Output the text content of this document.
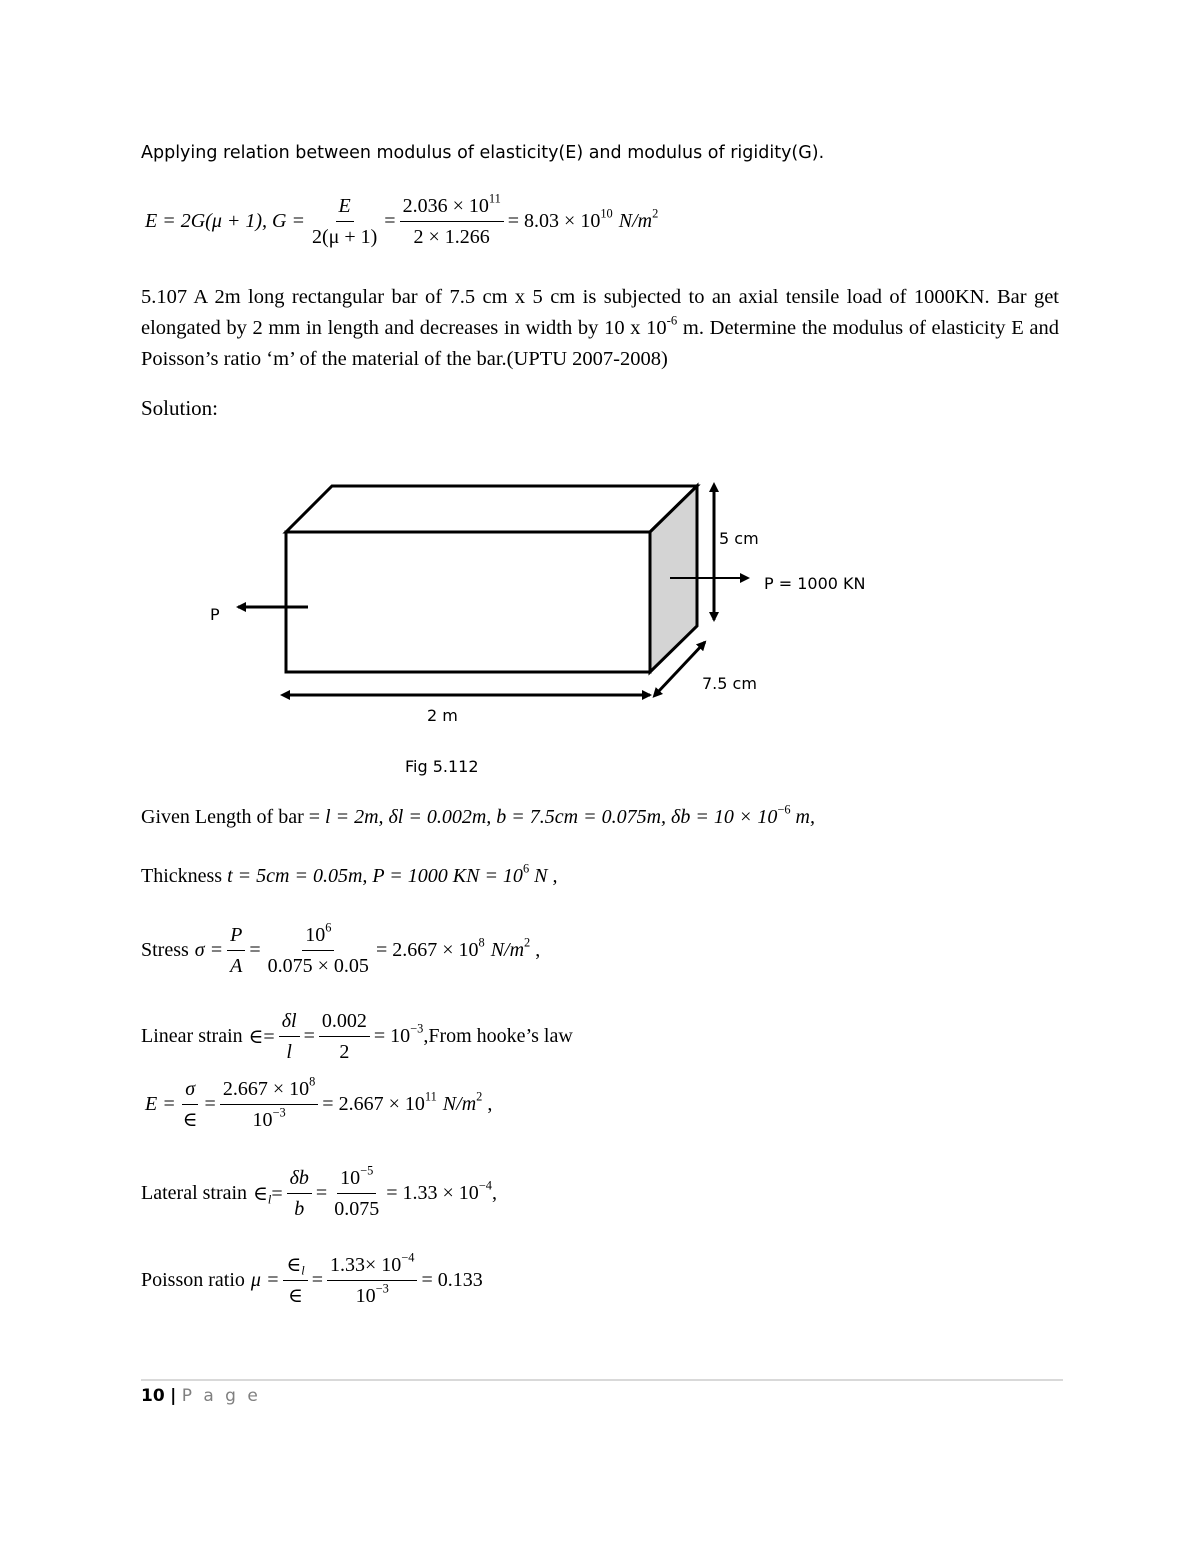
Applying relation between modulus of elasticity(E) and modulus of rigidity(G).
E = 2G(μ + 1), $G = \frac{E}{2(\mu + 1)} = \frac{2.036 \times 10^{11}}{2 \times 1.266} = 8.03 \times 10^{10}$ $N/m^2$
5.107 A 2m long rectangular bar of 7.5 cm x 5 cm is subjected to an axial tensile load of 1000KN. Bar get elongated by 2 mm in length and decreases in width by 10 x $10^{-6}$ m. Determine the modulus of elasticity E and Poisson’s ratio ‘m’ of the material of the bar.(UPTU 2007-2008)
Solution:
5 cm
P = 1000 KN
P
7.5 cm
2 m
Fig 5.112
Given Length of bar = l = 2m, δl = 0.002m, b = 7.5cm = 0.075m, $\delta b = 10 \times 10^{-6}$ m,
Thickness t = 5cm = 0.05m, P = 1000 KN = $10^6$ N ,
Stress $\sigma = \frac{P}{A} = \frac{10^6}{0.075 \times 0.05} = 2.667 \times 10^8$ $N/m^2$ ,
Linear strain ∈= $\frac{\delta l}{l} = \frac{0.002}{2}$ = $10^{-3},From$ hooke’s law
$E = \frac{\sigma}{\in} = \frac{2.667 \times 10^8}{10^{-3}} = 2.667 \times 10^{11}$ $N/m^2$ ,
Lateral strain $\in_l= \frac{\delta b}{b} = \frac{10^{-5}}{0.075} = 1.33 \times 10^{-4}$,
Poisson ratio $\mu = \frac{\in_l}{\in} = \frac{1.33\times 10^{-4}}{10^{-3}} = 0.133$
10 | P a g e
